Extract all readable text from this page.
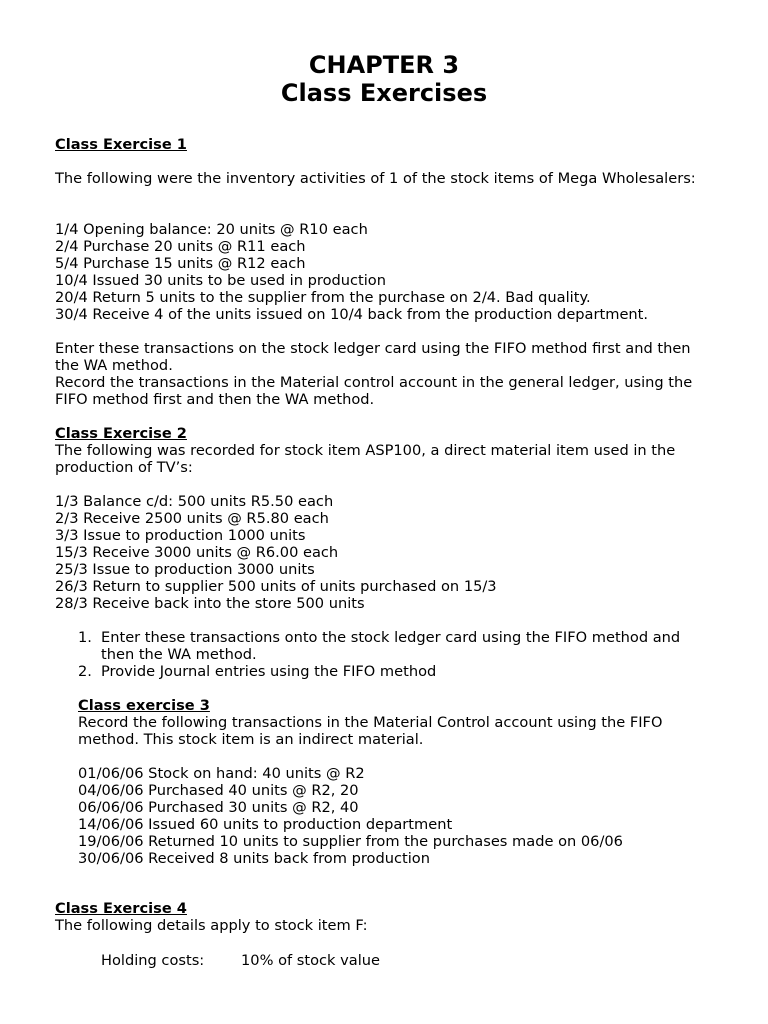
CHAPTER 3
Class Exercises
Class Exercise 1
The following were the inventory activities of 1 of the stock items of Mega Wholesalers:
1/4 Opening balance: 20 units @ R10 each
2/4 Purchase 20 units @ R11 each
5/4 Purchase 15 units @ R12 each
10/4 Issued 30 units to be used in production
20/4 Return 5 units to the supplier from the purchase on 2/4. Bad quality.
30/4 Receive 4 of the units issued on 10/4 back from the production department.
Enter these transactions on the stock ledger card using the FIFO method first and then the WA method.
Record the transactions in the Material control account in the general ledger, using the FIFO method first and then the WA method.
Class Exercise 2
The following was recorded for stock item ASP100, a direct material item used in the production of TV’s:
1/3 Balance c/d: 500 units R5.50 each
2/3 Receive 2500 units @ R5.80 each
3/3 Issue to production 1000 units
15/3 Receive 3000 units @ R6.00 each
25/3 Issue to production 3000 units
26/3 Return to supplier 500 units of units purchased on 15/3
28/3 Receive back into the store 500 units
1. Enter these transactions onto the stock ledger card using the FIFO method and then the WA method.
2. Provide Journal entries using the FIFO method
Class exercise 3
Record the following transactions in the Material Control account using the FIFO method. This stock item is an indirect material.
01/06/06 Stock on hand: 40 units @ R2
04/06/06 Purchased 40 units @ R2, 20
06/06/06 Purchased 30 units @ R2, 40
14/06/06 Issued 60 units to production department
19/06/06 Returned 10 units to supplier from the purchases made on 06/06
30/06/06 Received 8 units back from production
Class Exercise 4
The following details apply to stock item F:
Holding costs:	10% of stock value
